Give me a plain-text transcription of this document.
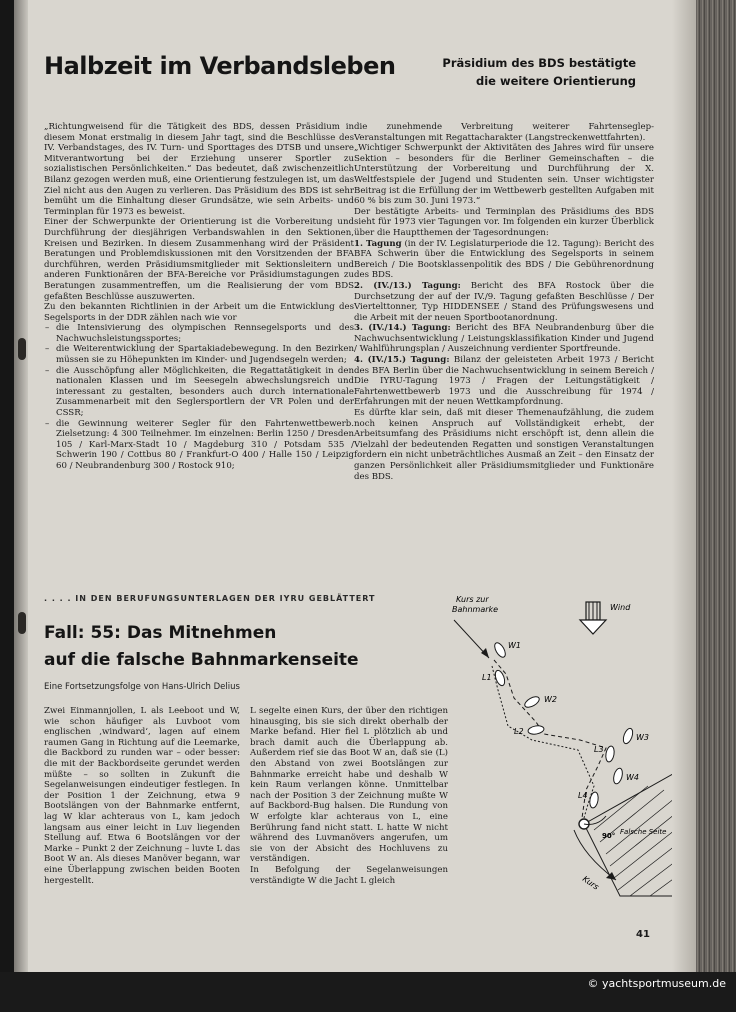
Halbzeit im Verbandsleben	Präsidium des BDS bestätigte
die weitere Orientierung

„Richtungweisend für die Tätigkeit des BDS, dessen Präsidium in diesem Monat erstmalig in diesem Jahr tagt, sind die Beschlüsse des IV. Verbandstages, des IV. Turn- und Sporttages des DTSB und unsere Mitverantwortung bei der Erziehung unserer Sportler zu sozialistischen Persönlichkeiten.“ Das bedeutet, daß zwischenzeitlich Bilanz gezogen werden muß, eine Orientierung festzulegen ist, um das Ziel nicht aus den Augen zu verlieren. Das Präsidium des BDS ist sehr bemüht um die Einhaltung dieser Grundsätze, wie sein Arbeits- und Terminplan für 1973 es beweist.

Einer der Schwerpunkte der Orientierung ist die Vorbereitung und Durchführung der diesjährigen Verbandswahlen in den Sektionen, Kreisen und Bezirken. In diesem Zusammenhang wird der Präsident Beratungen und Problemdiskussionen mit den Vorsitzenden der BFA durchführen, werden Präsidiumsmitglieder mit Sektionsleitern und anderen Funktionären der BFA-Bereiche vor Präsidiumstagungen zu Beratungen zusammentreffen, um die Realisierung der vom BDS gefaßten Beschlüsse auszuwerten.

Zu den bekannten Richtlinien in der Arbeit um die Entwicklung des Segelsports in der DDR zählen nach wie vor

– die Intensivierung des olympischen Rennsegelsports und des Nachwuchsleistungssportes;
– die Weiterentwicklung der Spartakiadebewegung. In den Bezirken müssen sie zu Höhepunkten im Kinder- und Jugendsegeln werden;
– die Ausschöpfung aller Möglichkeiten, die Regattatätigkeit in den nationalen Klassen und im Seesegeln abwechslungsreich und interessant zu gestalten, besonders auch durch internationale Zusammenarbeit mit den Seglersportlern der VR Polen und der CSSR;
– die Gewinnung weiterer Segler für den Fahrtenwettbewerb. Zielsetzung: 4 300 Teilnehmer. Im einzelnen: Berlin 1250 / Dresden 105 / Karl-Marx-Stadt 10 / Magdeburg 310 / Potsdam 535 / Schwerin 190 / Cottbus 80 / Frankfurt-O 400 / Halle 150 / Leipzig 60 / Neubrandenburg 300 / Rostock 910;

die zunehmende Verbreitung weiterer Fahrtenseglер-Veranstaltungen mit Regattacharakter (Langstreckenwettfahrten).

„Wichtiger Schwerpunkt der Aktivitäten des Jahres wird für unsere Sektion – besonders für die Berliner Gemeinschaften – die Unterstützung der Vorbereitung und Durchführung der X. Weltfestspiele der Jugend und Studenten sein. Unser wichtigster Beitrag ist die Erfüllung der im Wettbewerb gestellten Aufgaben mit 60 % bis zum 30. Juni 1973.“

Der bestätigte Arbeits- und Terminplan des Präsidiums des BDS sieht für 1973 vier Tagungen vor. Im folgenden ein kurzer Überblick über die Hauptthemen der Tagesordnungen:

1. Tagung (in der IV. Legislaturperiode die 12. Tagung): Bericht des BFA Schwerin über die Entwicklung des Segelsports in seinem Bereich / Die Bootsklassenpolitik des BDS / Die Gebührenordnung des BDS.

2. (IV./13.) Tagung: Bericht des BFA Rostock über die Durchsetzung der auf der IV./9. Tagung gefaßten Beschlüsse / Der Viertelttonner, Typ HIDDENSEE / Stand des Prüfungswesens und die Arbeit mit der neuen Sportbootanordnung.

3. (IV./14.) Tagung: Bericht des BFA Neubrandenburg über die Nachwuchsentwicklung / Leistungsklassifikation Kinder und Jugend / Wahlführungsplan / Auszeichnung verdienter Sportfreunde.

4. (IV./15.) Tagung: Bilanz der geleisteten Arbeit 1973 / Bericht des BFA Berlin über die Nachwuchsentwicklung in seinem Bereich / Die IYRU-Tagung 1973 / Fragen der Leitungstätigkeit / Fahrtenwettbewerb 1973 und die Ausschreibung für 1974 / Erfahrungen mit der neuen Wettkampfordnung.

Es dürfte klar sein, daß mit dieser Themenaufzählung, die zudem noch keinen Anspruch auf Vollständigkeit erhebt, der Arbeitsumfang des Präsidiums nicht erschöpft ist, denn allein die Vielzahl der bedeutenden Regatten und sonstigen Veranstaltungen fordern ein nicht unbeträchtliches Ausmaß an Zeit – den Einsatz der ganzen Persönlichkeit aller Präsidiumsmitglieder und Funktionäre des BDS.

. . . . IN DEN BERUFUNGSUNTERLAGEN DER IYRU GEBLÄTTERT
Fall: 55: Das Mitnehmen
auf die falsche Bahnmarkenseite
Eine Fortsetzungsfolge von Hans-Ulrich Delius

Zwei Einmannjollen, L als Leeboot und W, wie schon häufiger als Luvboot vom englischen ‚windward‘, lagen auf einem raumen Gang in Richtung auf die Leemarke, die Backbord zu runden war – oder besser: die mit der Backbordseite gerundet werden müßte – so sollten in Zukunft die Segelanweisungen eindeutiger festlegen. In der Position 1 der Zeichnung, etwa 9 Bootslängen von der Bahnmarke entfernt, lag W klar achteraus von L, kam jedoch langsam aus einer leicht in Luv liegenden Stellung auf. Etwa 6 Bootslängen vor der Marke – Punkt 2 der Zeichnung – luvte L das Boot W an. Als dieses Manöver begann, war eine Überlappung zwischen beiden Booten hergestellt.

L segelte einen Kurs, der über den richtigen hinausging, bis sie sich direkt oberhalb der Marke befand. Hier fiel L plötzlich ab und brach damit auch die Überlappung ab. Außerdem rief sie das Boot W an, daß sie (L) den Abstand von zwei Bootslängen zur Bahnmarke erreicht habe und deshalb W kein Raum verlangen könne. Unmittelbar nach der Position 3 der Zeichnung mußte W auf Backbord-Bug halsen. Die Rundung von W erfolgte klar achteraus von L, eine Berührung fand nicht statt. L hatte W nicht während des Luvmanövers angerufen, um sie von der Absicht des Hochluvens zu verständigen.

In Befolgung der Segelanweisungen verständigte W die Jacht L gleich

Kurs zur
Bahnmarke	Wind
90° Falsche Seite
Kurs
W1
L1
W2
L2
L3
W3
W4
L4
41
© yachtsportmuseum.de
